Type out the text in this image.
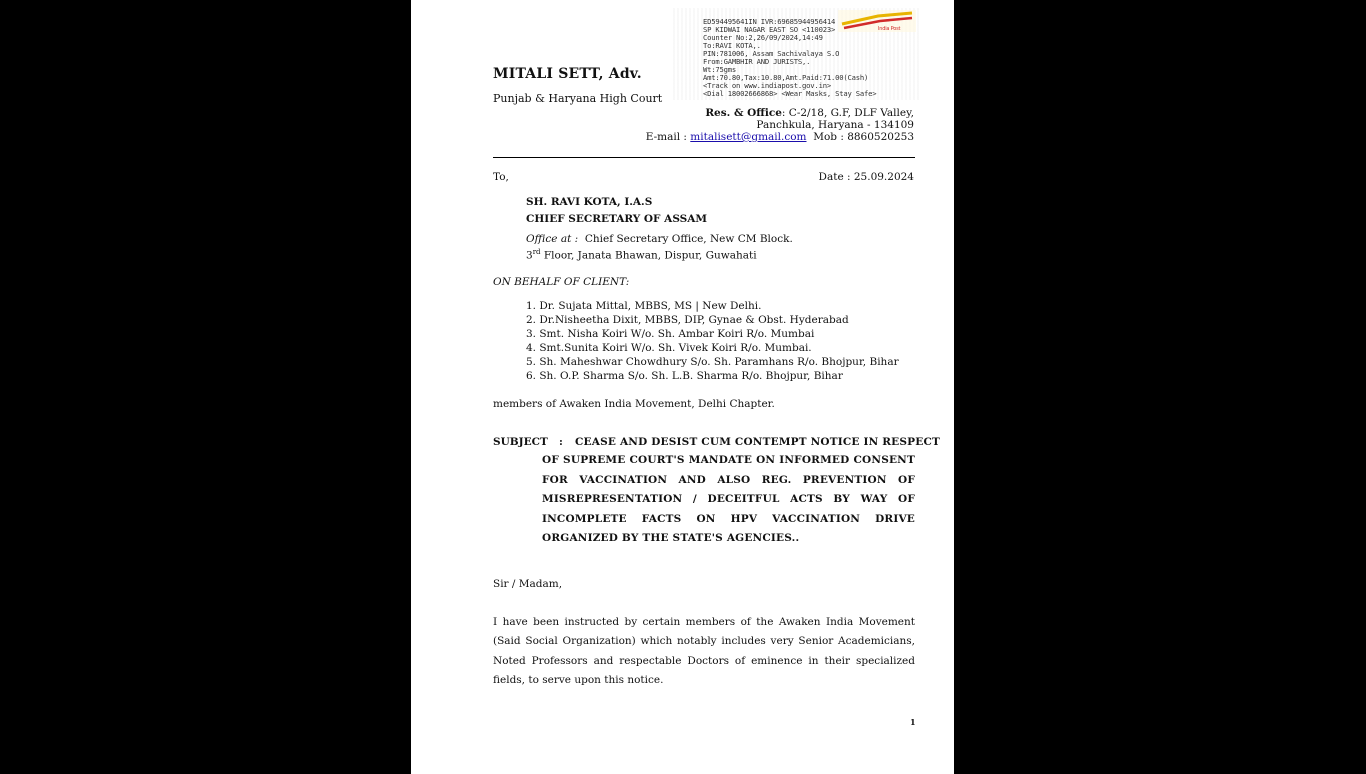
India Post
ED594495641IN IVR:69685944956414
SP KIDWAI NAGAR EAST SO <110023>
Counter No:2,26/09/2024,14:49
To:RAVI KOTA,.
PIN:781006, Assam Sachivalaya S.O
From:GAMBHIR AND JURISTS,.
Wt:75gms
Amt:70.80,Tax:10.80,Amt.Paid:71.00(Cash)
<Track on www.indiapost.gov.in>
<Dial 18002666868> <Wear Masks, Stay Safe>
MITALI SETT, Adv.
Punjab & Haryana High Court
Res. & Office: C-2/18, G.F, DLF Valley,
Panchkula, Haryana - 134109
E-mail : mitalisett@gmail.com Mob : 8860520253
To,	Date : 25.09.2024
SH. RAVI KOTA, I.A.S
CHIEF SECRETARY OF ASSAM
Office at : Chief Secretary Office, New CM Block.
3rd Floor, Janata Bhawan, Dispur, Guwahati
ON BEHALF OF CLIENT:
1. Dr. Sujata Mittal, MBBS, MS | New Delhi.
2. Dr.Nisheetha Dixit, MBBS, DIP, Gynae & Obst. Hyderabad
3. Smt. Nisha Koiri W/o. Sh. Ambar Koiri R/o. Mumbai
4. Smt.Sunita Koiri W/o. Sh. Vivek Koiri R/o. Mumbai.
5. Sh. Maheshwar Chowdhury S/o. Sh. Paramhans R/o. Bhojpur, Bihar
6. Sh. O.P. Sharma S/o. Sh. L.B. Sharma R/o. Bhojpur, Bihar
members of Awaken India Movement, Delhi Chapter.
SUBJECT : CEASE AND DESIST CUM CONTEMPT NOTICE IN RESPECT
OF SUPREME COURT'S MANDATE ON INFORMED CONSENT FOR VACCINATION AND ALSO REG. PREVENTION OF MISREPRESENTATION / DECEITFUL ACTS BY WAY OF INCOMPLETE FACTS ON HPV VACCINATION DRIVE ORGANIZED BY THE STATE'S AGENCIES..
Sir / Madam,
I have been instructed by certain members of the Awaken India Movement (Said Social Organization) which notably includes very Senior Academicians, Noted Professors and respectable Doctors of eminence in their specialized fields, to serve upon this notice.
1
